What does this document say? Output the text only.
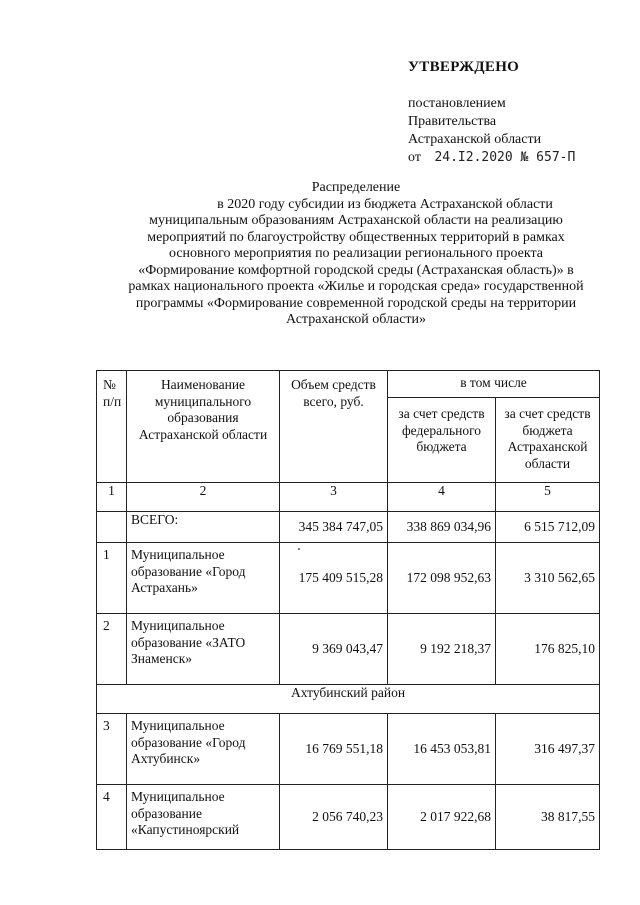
УТВЕРЖДЕНО
постановлением
Правительства
Астраханской области
от 24.I2.2020 № 657-П
Распределение
в 2020 году субсидии из бюджета Астраханской области
муниципальным образованиям Астраханской области на реализацию
мероприятий по благоустройству общественных территорий в рамках
основного мероприятия по реализации регионального проекта
«Формирование комфортной городской среды (Астраханская область)» в
рамках национального проекта «Жилье и городская среда» государственной
программы «Формирование современной городской среды на территории
Астраханской области»
№ п/п	Наименование муниципального образования Астраханской области	Объем средств всего, руб.	в том числе	
			за счет средств федерального бюджета	за счет средств бюджета Астраханской области
1	2	3	4	5
	ВСЕГО:	345 384 747,05	338 869 034,96	6 515 712,09
1	Муниципальное образование «Город Астрахань»	175 409 515,28	172 098 952,63	3 310 562,65
2	Муниципальное образование «ЗАТО Знаменск»	9 369 043,47	9 192 218,37	176 825,10
Ахтубинский район				
3	Муниципальное образование «Город Ахтубинск»	16 769 551,18	16 453 053,81	316 497,37
4	Муниципальное образование «Капустиноярский	2 056 740,23	2 017 922,68	38 817,55
